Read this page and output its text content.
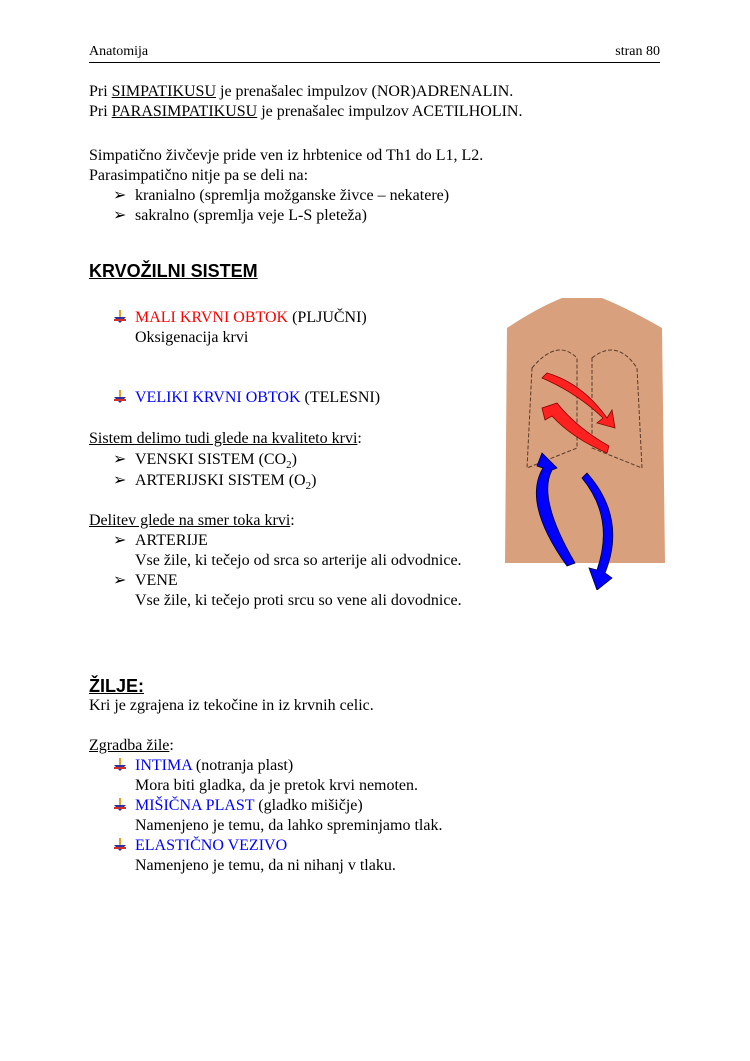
Anatomija	stran 80
Pri SIMPATIKUSU je prenašalec impulzov (NOR)ADRENALIN.
Pri PARASIMPATIKUSU je prenašalec impulzov ACETILHOLIN.
Simpatično živčevje pride ven iz hrbtenice od Th1 do L1, L2.
Parasimpatično nitje pa se deli na:
➢ kranialno (spremlja možganske živce – nekatere)
➢ sakralno (spremlja veje L-S pleteža)
KRVOŽILNI SISTEM
MALI KRVNI OBTOK (PLJUČNI)
Oksigenacija krvi
VELIKI KRVNI OBTOK (TELESNI)
Sistem delimo tudi glede na kvaliteto krvi:
➢ VENSKI SISTEM $(CO_2)$
➢ ARTERIJSKI SISTEM $(O_2)$
Delitev glede na smer toka krvi:
➢ ARTERIJE
Vse žile, ki tečejo od srca so arterije ali odvodnice.
➢ VENE
Vse žile, ki tečejo proti srcu so vene ali dovodnice.
ŽILJE:
Kri je zgrajena iz tekočine in iz krvnih celic.
Zgradba žile:
INTIMA (notranja plast)
Mora biti gladka, da je pretok krvi nemoten.
MIŠIČNA PLAST (gladko mišičje)
Namenjeno je temu, da lahko spreminjamo tlak.
ELASTIČNO VEZIVO
Namenjeno je temu, da ni nihanj v tlaku.
